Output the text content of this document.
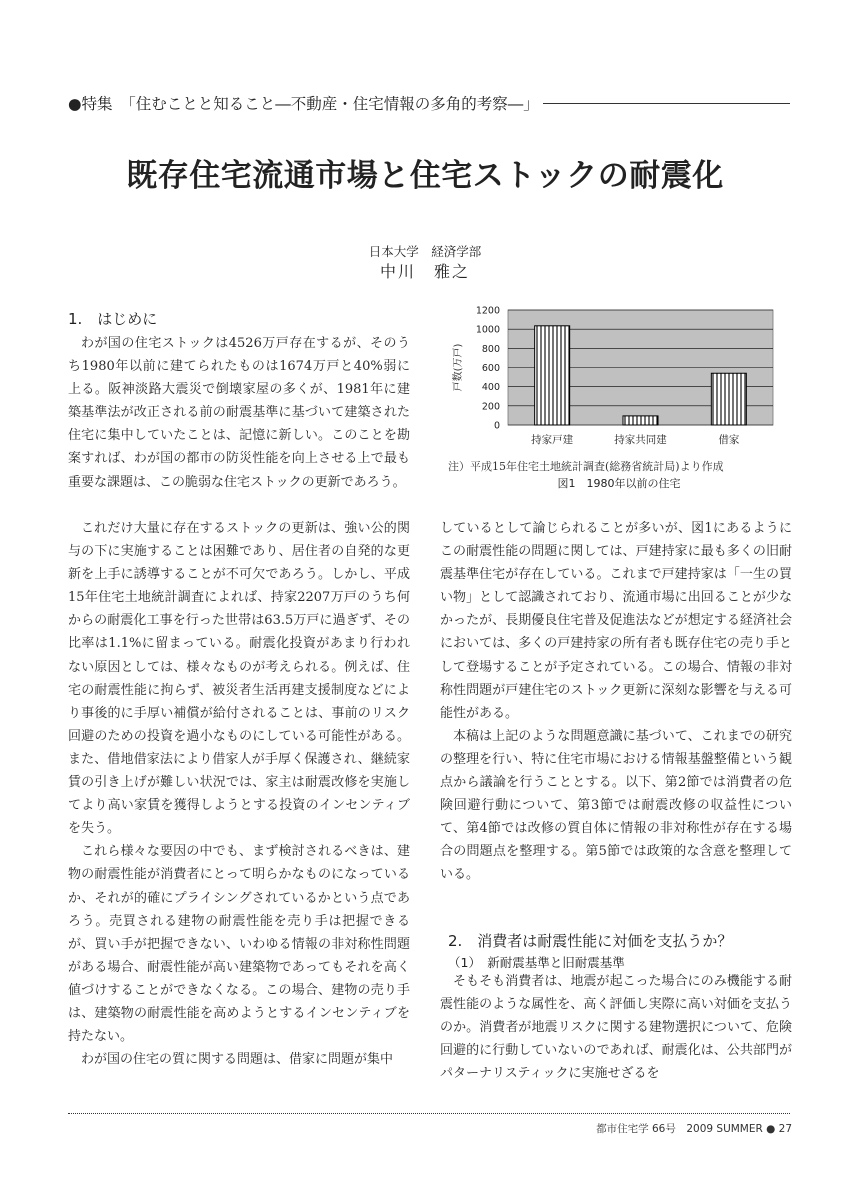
●特集　「住むことと知ること―不動産・住宅情報の多角的考察―」
既存住宅流通市場と住宅ストックの耐震化
日本大学　経済学部
中川　雅之
1.　はじめに

わが国の住宅ストックは4526万戸存在するが、そのうち1980年以前に建てられたものは1674万戸と40%弱に上る。阪神淡路大震災で倒壊家屋の多くが、1981年に建築基準法が改正される前の耐震基準に基づいて建築された住宅に集中していたことは、記憶に新しい。このことを勘案すれば、わが国の都市の防災性能を向上させる上で最も重要な課題は、この脆弱な住宅ストックの更新であろう。

0
200
400
600
800
1000
1200
戸数(万戸)
持家戸建	持家共同建	借家
注）平成15年住宅土地統計調査(総務省統計局)より作成
図1　1980年以前の住宅

これだけ大量に存在するストックの更新は、強い公的関与の下に実施することは困難であり、居住者の自発的な更新を上手に誘導することが不可欠であろう。しかし、平成15年住宅土地統計調査によれば、持家2207万戸のうち何からの耐震化工事を行った世帯は63.5万戸に過ぎず、その比率は1.1%に留まっている。耐震化投資があまり行われない原因としては、様々なものが考えられる。例えば、住宅の耐震性能に拘らず、被災者生活再建支援制度などにより事後的に手厚い補償が給付されることは、事前のリスク回避のための投資を過小なものにしている可能性がある。また、借地借家法により借家人が手厚く保護され、継続家賃の引き上げが難しい状況では、家主は耐震改修を実施してより高い家賃を獲得しようとする投資のインセンティブを失う。

これら様々な要因の中でも、まず検討されるべきは、建物の耐震性能が消費者にとって明らかなものになっているか、それが的確にプライシングされているかという点であろう。売買される建物の耐震性能を売り手は把握できるが、買い手が把握できない、いわゆる情報の非対称性問題がある場合、耐震性能が高い建築物であってもそれを高く値づけすることができなくなる。この場合、建物の売り手は、建築物の耐震性能を高めようとするインセンティブを持たない。

わが国の住宅の質に関する問題は、借家に問題が集中

しているとして論じられることが多いが、図1にあるようにこの耐震性能の問題に関しては、戸建持家に最も多くの旧耐震基準住宅が存在している。これまで戸建持家は「一生の買い物」として認識されており、流通市場に出回ることが少なかったが、長期優良住宅普及促進法などが想定する経済社会においては、多くの戸建持家の所有者も既存住宅の売り手として登場することが予定されている。この場合、情報の非対称性問題が戸建住宅のストック更新に深刻な影響を与える可能性がある。

本稿は上記のような問題意識に基づいて、これまでの研究の整理を行い、特に住宅市場における情報基盤整備という観点から議論を行うこととする。以下、第2節では消費者の危険回避行動について、第3節では耐震改修の収益性について、第4節では改修の質自体に情報の非対称性が存在する場合の問題点を整理する。第5節では政策的な含意を整理している。

2.　消費者は耐震性能に対価を支払うか？
（1）　新耐震基準と旧耐震基準

そもそも消費者は、地震が起こった場合にのみ機能する耐震性能のような属性を、高く評価し実際に高い対価を支払うのか。消費者が地震リスクに関する建物選択について、危険回避的に行動していないのであれば、耐震化は、公共部門がパターナリスティックに実施せざるを

都市住宅学 66号　2009 SUMMER ● 27
